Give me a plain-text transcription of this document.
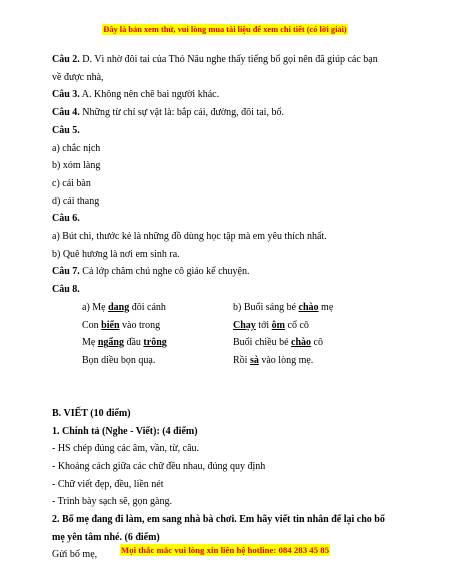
Đây là bản xem thử, vui lòng mua tài liệu để xem chi tiết (có lời giải)
Câu 2. D. Vì nhờ đôi tai của Thỏ Nâu nghe thấy tiếng bố gọi nên đã giúp các bạn
về được nhà,
Câu 3. A. Không nên chê bai người khác.
Câu 4. Những từ chỉ sự vật là: bắp cải, đường, đôi tai, bố.
Câu 5.
a) chắc nịch
b) xóm làng
c) cái bàn
d) cái thang
Câu 6.
a) Bút chì, thước kẻ là những đồ dùng học tập mà em yêu thích nhất.
b) Quê hương là nơi em sinh ra.
Câu 7. Cả lớp chăm chú nghe cô giáo kể chuyện.
Câu 8.
a) Mẹ dang đôi cánh
Con biến vào trong
Mẹ ngẩng đầu trông
Bọn diều bọn quạ.
b) Buổi sáng bé chào mẹ
Chạy tới ôm cổ cô
Buổi chiều bé chào cô
Rồi sà vào lòng mẹ.
B. VIẾT (10 điểm)
1. Chính tả (Nghe - Viết): (4 điểm)
- HS chép đúng các âm, vần, từ, câu.
- Khoảng cách giữa các chữ đều nhau, đúng quy định
- Chữ viết đẹp, đều, liền nét
- Trình bày sạch sẽ, gọn gàng.
2. Bố mẹ đang đi làm, em sang nhà bà chơi. Em hãy viết tin nhắn để lại cho bố
mẹ yên tâm nhé. (6 điểm)
Gửi bố mẹ,	Mọi thắc mắc vui lòng xin liên hệ hotline: 084 283 45 85
